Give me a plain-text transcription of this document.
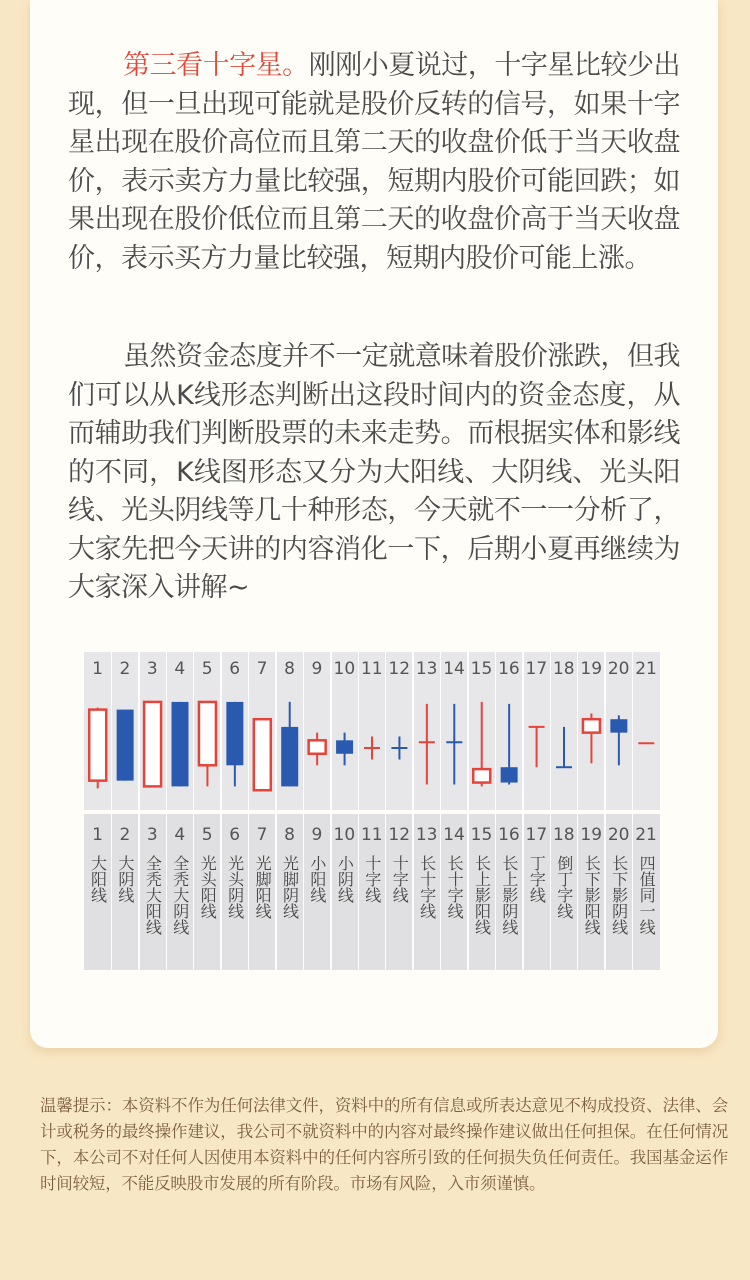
第三看十字星。刚刚小夏说过，十字星比较少出现，但一旦出现可能就是股价反转的信号，如果十字星出现在股价高位而且第二天的收盘价低于当天收盘价，表示卖方力量比较强，短期内股价可能回跌；如果出现在股价低位而且第二天的收盘价高于当天收盘价，表示买方力量比较强，短期内股价可能上涨。

虽然资金态度并不一定就意味着股价涨跌，但我们可以从K线形态判断出这段时间内的资金态度，从而辅助我们判断股票的未来走势。而根据实体和影线的不同，K线图形态又分为大阳线、大阴线、光头阳线、光头阴线等几十种形态，今天就不一一分析了，大家先把今天讲的内容消化一下，后期小夏再继续为大家深入讲解~

1
1
大阳线
2
2
大阴线
3
3
全秃大阳线
4
4
全秃大阴线
5
5
光头阳线
6
6
光头阴线
7
7
光脚阳线
8
8
光脚阴线
9
9
小阳线
10
10
小阴线
11
11
十字线
12
12
十字线
13
13
长十字线
14
14
长十字线
15
15
长上影阳线
16
16
长上影阴线
17
17
丁字线
18
18
倒丁字线
19
19
长下影阳线
20
20
长下影阴线
21
21
四值同一线

温馨提示：本资料不作为任何法律文件，资料中的所有信息或所表达意见不构成投资、法律、会计或税务的最终操作建议，我公司不就资料中的内容对最终操作建议做出任何担保。在任何情况下，本公司不对任何人因使用本资料中的任何内容所引致的任何损失负任何责任。我国基金运作时间较短，不能反映股市发展的所有阶段。市场有风险，入市须谨慎。
